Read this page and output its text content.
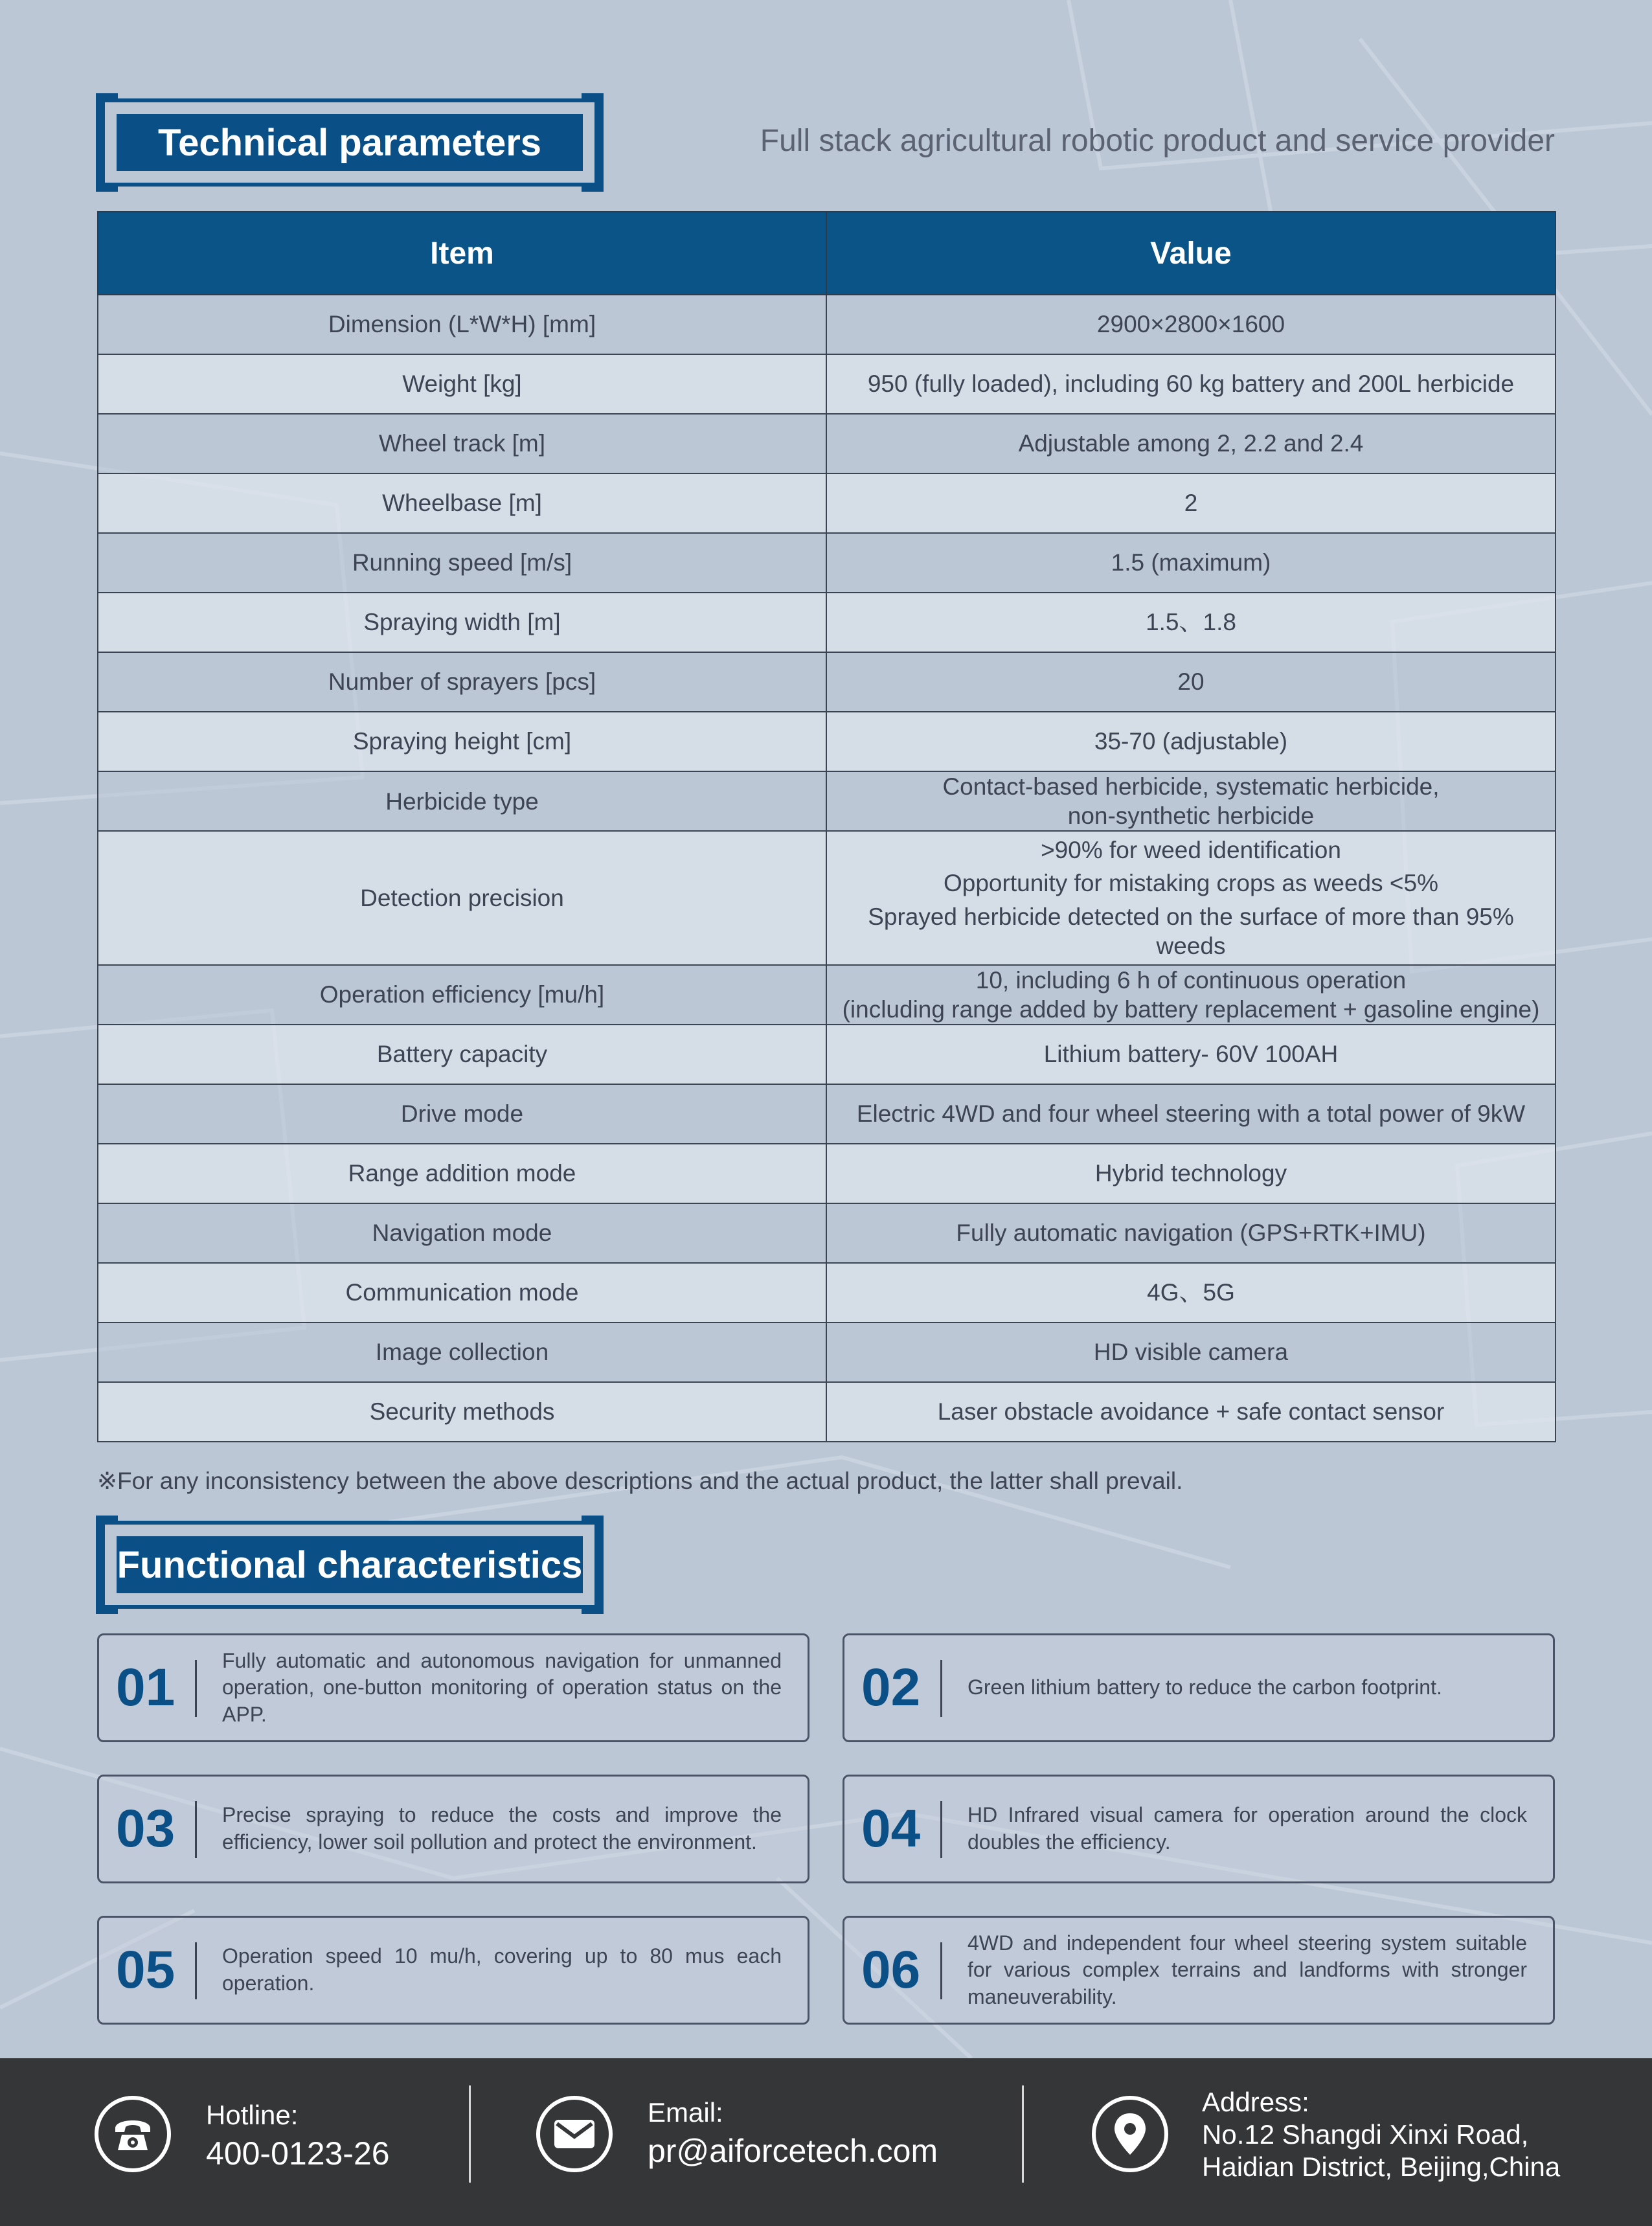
Technical parameters	Full stack agricultural robotic product and service provider
Item	Value
Dimension (L*W*H) [mm]	2900×2800×1600

Weight [kg]	950 (fully loaded), including 60 kg battery and 200L herbicide

Wheel track [m]	Adjustable among 2, 2.2 and 2.4

Wheelbase [m]	2

Running speed [m/s]	1.5 (maximum)

Spraying width [m]	1.5、1.8

Number of sprayers [pcs]	20

Spraying height [cm]	35-70 (adjustable)

Herbicide type	Contact-based herbicide, systematic herbicide,
non-synthetic herbicide

Detection precision	>90% for weed identification
Opportunity for mistaking crops as weeds <5%
Sprayed herbicide detected on the surface of more than 95% weeds

Operation efficiency [mu/h]	10, including 6 h of continuous operation
(including range added by battery replacement + gasoline engine)

Battery capacity	Lithium battery- 60V 100AH

Drive mode	Electric 4WD and four wheel steering with a total power of 9kW

Range addition mode	Hybrid technology

Navigation mode	Fully automatic navigation (GPS+RTK+IMU)

Communication mode	4G、5G

Image collection	HD visible camera

Security methods	Laser obstacle avoidance + safe contact sensor
※For any inconsistency between the above descriptions and the actual product, the latter shall prevail.
Functional characteristics
01	Fully automatic and autonomous navigation for unmanned operation, one-button monitoring of operation status on the APP.	02	Green lithium battery to reduce the carbon footprint.
03	Precise spraying to reduce the costs and improve the efficiency, lower soil pollution and protect the environment.	04	HD Infrared visual camera for operation around the clock doubles the efficiency.
05	Operation speed 10 mu/h, covering up to 80 mus each operation.	06	4WD and independent four wheel steering system suitable for various complex terrains and landforms with stronger maneuverability.
Hotline:
400-0123-26
Email:
pr@aiforcetech.com
Address:
No.12 Shangdi Xinxi Road,
Haidian District, Beijing,China
